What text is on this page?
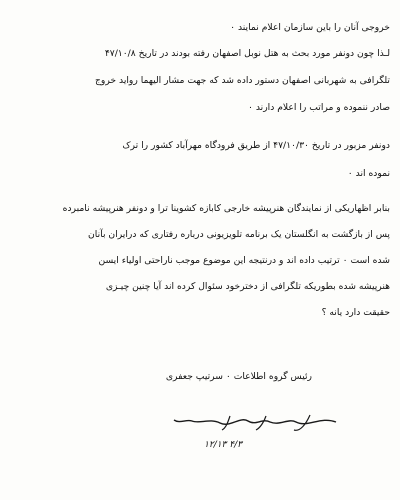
خروجی آنان را باین سازمان اعلام نمایند ۰
لـذا چون دونفر مورد بحث به هتل نوبل اصفهان رفته بودند در تاریخ ۴۷/۱۰/۸
تلگرافی به شهربانی اصفهان دستور داده شد که جهت مشار الیهما رواید خروج
صادر ننموده و مراتب را اعلام دارند ۰
دونفر مزبور در تاریخ ۴۷/۱۰/۳۰ از طریق فرودگاه مهرآباد کشور را ترک
نموده اند ۰
بنابر اظهاریکی از نمایندگان هنرپیشه خارجی کابازه کشوینا ترا و دونفر هنرپیشه نامبرده
پس از بازگشت به انگلستان یک برنامه تلویزیونی درباره رفتاری که درایران بآنان
شده است ۰ ترتیب داده اند و درنتیجه این موضوع موجب ناراحتی اولیاء ایسن
هنرپیشه شده بطوریکه تلگرافی از دخترخود سئوال کرده اند آیا چنین چیـزی
حقیقت دارد یانه ؟
رئیس گروه اطلاعات ۰ سرتیپ جعفری
۴/۳ ۱۲/۱۳
